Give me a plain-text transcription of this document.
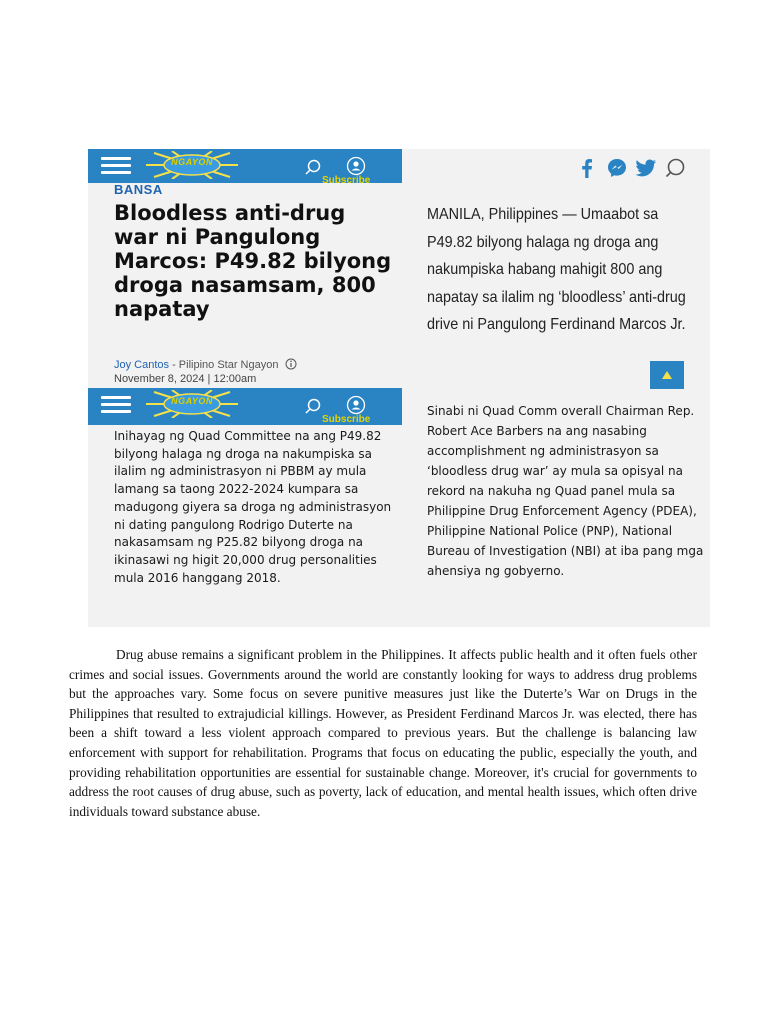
NGAYON
Subscribe
BANSA
Bloodless anti-drug war ni Pangulong Marcos: P49.82 bilyong droga nasamsam, 800 napatay
Joy Cantos - Pilipino Star Ngayon
November 8, 2024 | 12:00am
NGAYON
Subscribe
Inihayag ng Quad Committee na ang P49.82 bilyong halaga ng droga na nakumpiska sa ilalim ng administrasyon ni PBBM ay mula lamang sa taong 2022-2024 kumpara sa madugong giyera sa droga ng administrasyon ni dating pangulong Rodrigo Duterte na nakasamsam ng P25.82 bilyong droga na ikinasawi ng higit 20,000 drug personalities mula 2016 hanggang 2018.
MANILA, Philippines — Umaabot sa P49.82 bilyong halaga ng droga ang nakumpiska habang mahigit 800 ang napatay sa ilalim ng ‘bloodless’ anti-drug drive ni Pangulong Ferdinand Marcos Jr.
Sinabi ni Quad Comm overall Chairman Rep. Robert Ace Barbers na ang nasabing accomplishment ng administrasyon sa ‘bloodless drug war’ ay mula sa opisyal na rekord na nakuha ng Quad panel mula sa Philippine Drug Enforcement Agency (PDEA), Philippine National Police (PNP), National Bureau of Investigation (NBI) at iba pang mga ahensiya ng gobyerno.

Drug abuse remains a significant problem in the Philippines. It affects public health and it often fuels other crimes and social issues. Governments around the world are constantly looking for ways to address drug problems but the approaches vary. Some focus on severe punitive measures just like the Duterte’s War on Drugs in the Philippines that resulted to extrajudicial killings. However, as President Ferdinand Marcos Jr. was elected, there has been a shift toward a less violent approach compared to previous years. But the challenge is balancing law enforcement with support for rehabilitation. Programs that focus on educating the public, especially the youth, and providing rehabilitation opportunities are essential for sustainable change. Moreover, it's crucial for governments to address the root causes of drug abuse, such as poverty, lack of education, and mental health issues, which often drive individuals toward substance abuse.
